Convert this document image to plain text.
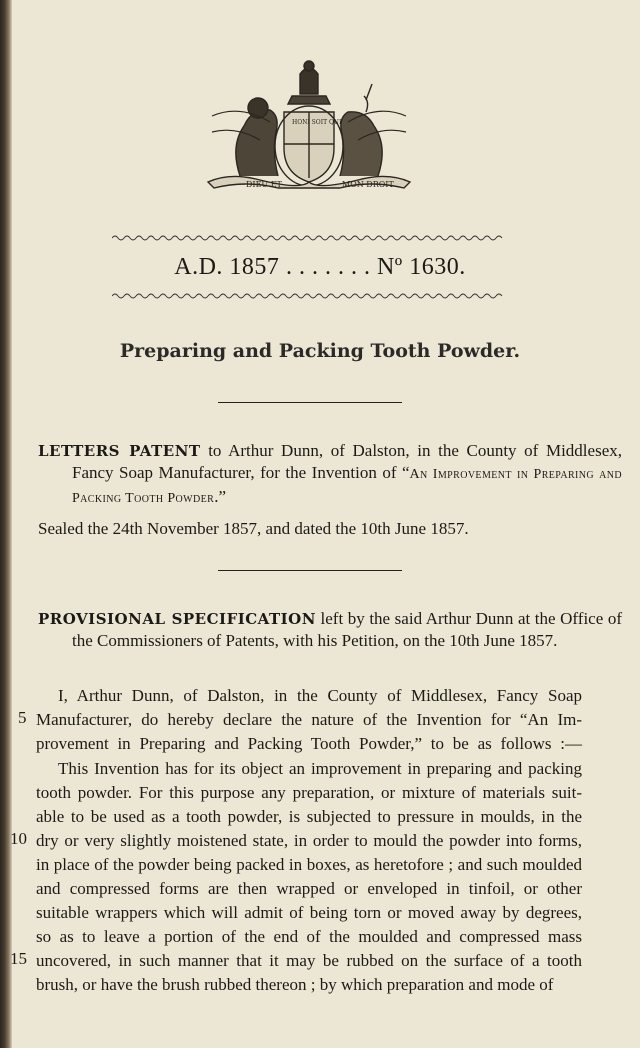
DIEU ET	MON DROIT
HONI SOIT QUI
A.D. 1857 . . . . . . . Nº 1630.
Preparing and Packing Tooth Powder.
LETTERS PATENT to Arthur Dunn, of Dalston, in the County of Middlesex, Fancy Soap Manufacturer, for the Invention of “An Improvement in Preparing and Packing Tooth Powder.”
Sealed the 24th November 1857, and dated the 10th June 1857.
PROVISIONAL SPECIFICATION left by the said Arthur Dunn at the Office of the Commissioners of Patents, with his Petition, on the 10th June 1857.
I, Arthur Dunn, of Dalston, in the County of Middlesex, Fancy Soap
Manufacturer, do hereby declare the nature of the Invention for “An Im-
provement in Preparing and Packing Tooth Powder,” to be as follows :—
This Invention has for its object an improvement in preparing and packing
tooth powder. For this purpose any preparation, or mixture of materials suit-
able to be used as a tooth powder, is subjected to pressure in moulds, in the
dry or very slightly moistened state, in order to mould the powder into forms,
in place of the powder being packed in boxes, as heretofore ; and such moulded
and compressed forms are then wrapped or enveloped in tinfoil, or other
suitable wrappers which will admit of being torn or moved away by degrees,
so as to leave a portion of the end of the moulded and compressed mass
uncovered, in such manner that it may be rubbed on the surface of a tooth
brush, or have the brush rubbed thereon ; by which preparation and mode of
5
10
15
